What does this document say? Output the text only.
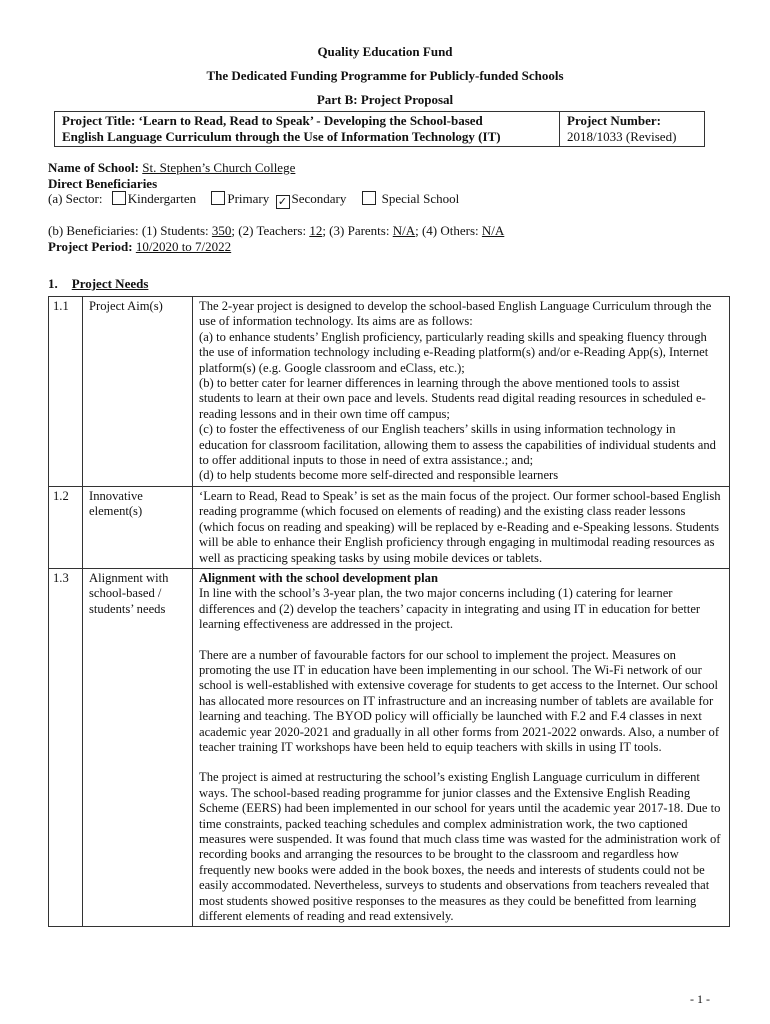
Quality Education Fund
The Dedicated Funding Programme for Publicly-funded Schools
Part B: Project Proposal
Project Title: ‘Learn to Read, Read to Speak’ - Developing the School-based
English Language Curriculum through the Use of Information Technology (IT)

Project Number:
2018/1033 (Revised)
Name of School: St. Stephen’s Church College
Direct Beneficiaries
(a) Sector: Kindergarten Primary ✓ Secondary	Special School
(b) Beneficiaries: (1) Students: 350; (2) Teachers: 12; (3) Parents: N/A; (4) Others: N/A
Project Period: 10/2020 to 7/2022
1. Project Needs
1.1	Project Aim(s)	The 2-year project is designed to develop the school-based English Language Curriculum through the use of information technology. Its aims are as follows:

(a) to enhance students’ English proficiency, particularly reading skills and speaking fluency through the use of information technology including e-Reading platform(s) and/or e-Reading App(s), Internet platform(s) (e.g. Google classroom and eClass, etc.);

(b) to better cater for learner differences in learning through the above mentioned tools to assist students to learn at their own pace and levels. Students read digital reading resources in scheduled e-reading lessons and in their own time off campus;

(c) to foster the effectiveness of our English teachers’ skills in using information technology in education for classroom facilitation, allowing them to assess the capabilities of individual students and to offer additional inputs to those in need of extra assistance.; and;

(d) to help students become more self-directed and responsible learners

1.2	Innovative element(s)	‘Learn to Read, Read to Speak’ is set as the main focus of the project. Our former school-based English reading programme (which focused on elements of reading) and the existing class reader lessons (which focus on reading and speaking) will be replaced by e-Reading and e-Speaking lessons. Students will be able to enhance their English proficiency through engaging in multimodal reading resources as well as practicing speaking tasks by using mobile devices or tablets.

1.3	Alignment with school-based / students’ needs	Alignment with the school development plan

In line with the school’s 3-year plan, the two major concerns including (1) catering for learner differences and (2) develop the teachers’ capacity in integrating and using IT in education for better learning effectiveness are addressed in the project.

There are a number of favourable factors for our school to implement the project. Measures on promoting the use IT in education have been implementing in our school. The Wi-Fi network of our school is well-established with extensive coverage for students to get access to the Internet. Our school has allocated more resources on IT infrastructure and an increasing number of tablets are available for learning and teaching. The BYOD policy will officially be launched with F.2 and F.4 classes in next academic year 2020-2021 and gradually in all other forms from 2021-2022 onwards. Also, a number of teacher training IT workshops have been held to equip teachers with skills in using IT tools.

The project is aimed at restructuring the school’s existing English Language curriculum in different ways. The school-based reading programme for junior classes and the Extensive English Reading Scheme (EERS) had been implemented in our school for years until the academic year 2017-18. Due to time constraints, packed teaching schedules and complex administration work, the two captioned measures were suspended. It was found that much class time was wasted for the administration work of recording books and arranging the resources to be brought to the classroom and regardless how frequently new books were added in the book boxes, the needs and interests of students could not be easily accommodated. Nevertheless, surveys to students and observations from teachers revealed that most students showed positive responses to the measures as they could be benefitted from learning different elements of reading and read extensively.

- 1 -
